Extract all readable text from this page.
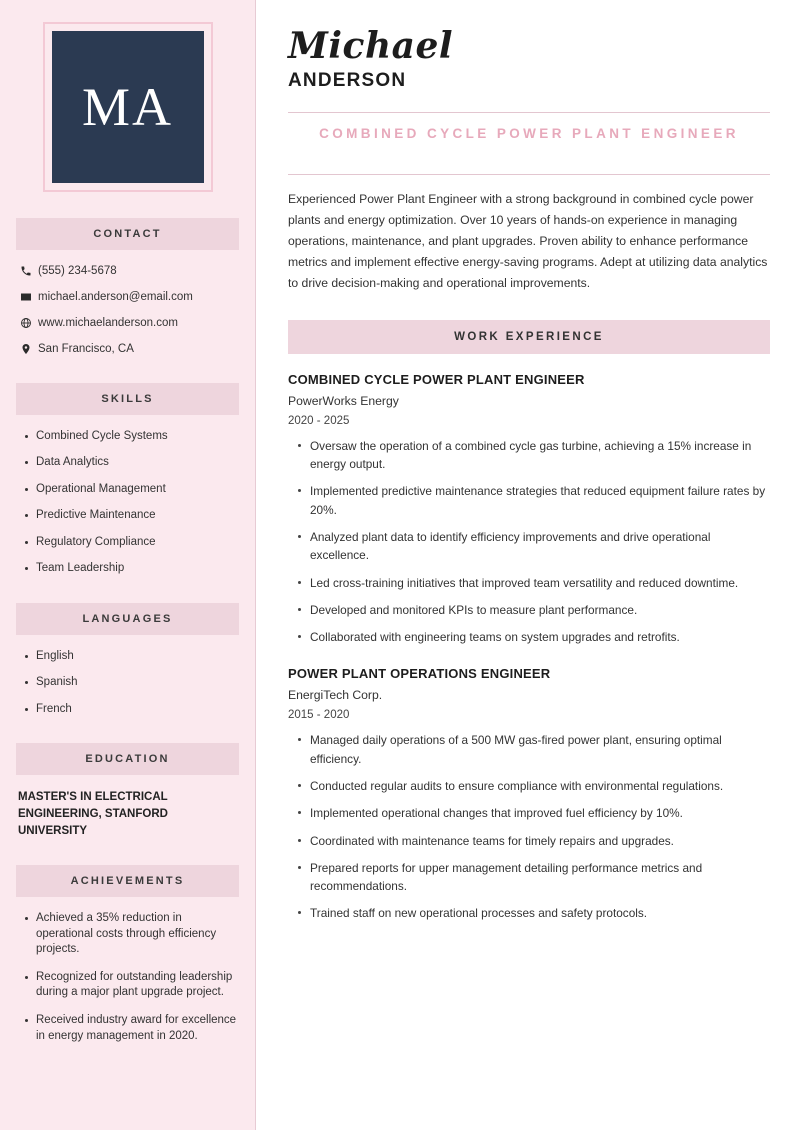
MA
CONTACT
(555) 234-5678
michael.anderson@email.com
www.michaelanderson.com
San Francisco, CA
SKILLS
Combined Cycle Systems
Data Analytics
Operational Management
Predictive Maintenance
Regulatory Compliance
Team Leadership
LANGUAGES
English
Spanish
French
EDUCATION
MASTER'S IN ELECTRICAL ENGINEERING, STANFORD UNIVERSITY
ACHIEVEMENTS
Achieved a 35% reduction in operational costs through efficiency projects.
Recognized for outstanding leadership during a major plant upgrade project.
Received industry award for excellence in energy management in 2020.
Michael
ANDERSON
COMBINED CYCLE POWER PLANT ENGINEER

Experienced Power Plant Engineer with a strong background in combined cycle power plants and energy optimization. Over 10 years of hands-on experience in managing operations, maintenance, and plant upgrades. Proven ability to enhance performance metrics and implement effective energy-saving programs. Adept at utilizing data analytics to drive decision-making and operational improvements.

WORK EXPERIENCE
COMBINED CYCLE POWER PLANT ENGINEER
PowerWorks Energy
2020 - 2025
Oversaw the operation of a combined cycle gas turbine, achieving a 15% increase in energy output.
Implemented predictive maintenance strategies that reduced equipment failure rates by 20%.
Analyzed plant data to identify efficiency improvements and drive operational excellence.
Led cross-training initiatives that improved team versatility and reduced downtime.
Developed and monitored KPIs to measure plant performance.
Collaborated with engineering teams on system upgrades and retrofits.
POWER PLANT OPERATIONS ENGINEER
EnergiTech Corp.
2015 - 2020
Managed daily operations of a 500 MW gas-fired power plant, ensuring optimal efficiency.
Conducted regular audits to ensure compliance with environmental regulations.
Implemented operational changes that improved fuel efficiency by 10%.
Coordinated with maintenance teams for timely repairs and upgrades.
Prepared reports for upper management detailing performance metrics and recommendations.
Trained staff on new operational processes and safety protocols.
